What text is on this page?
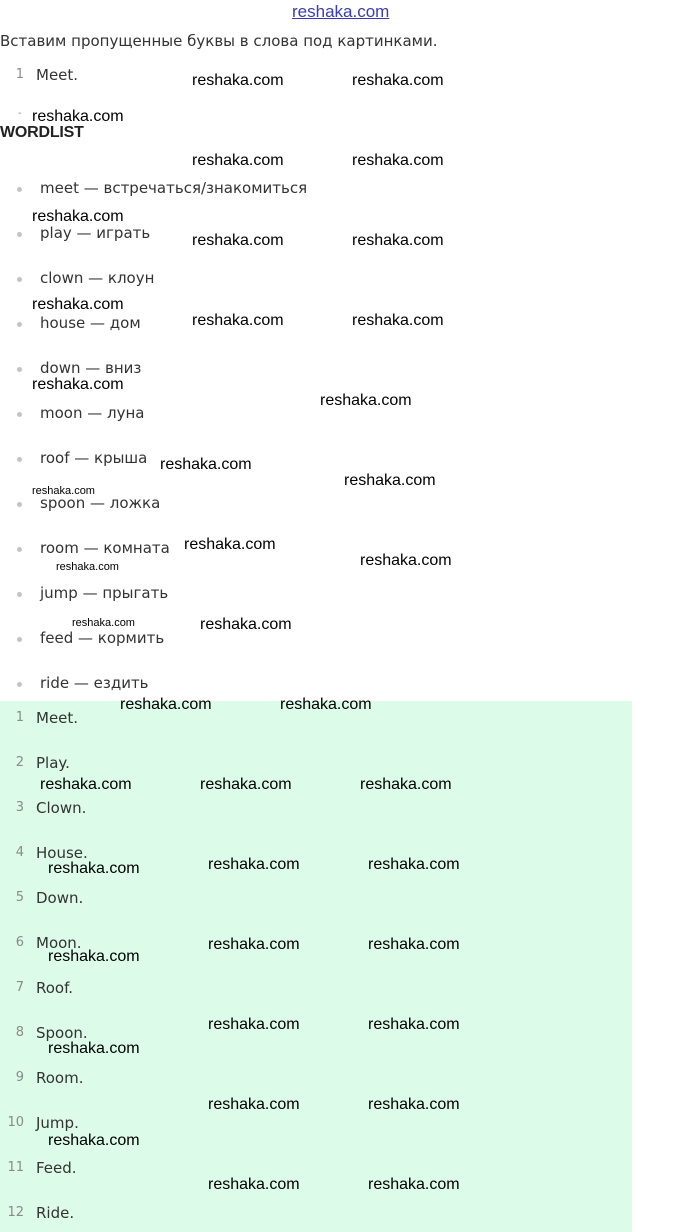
reshaka.com
Вставим пропущенные буквы в слова под картинками.
1 Meet.
-
WORDLIST
meet — встречаться/знакомиться
play — играть
clown — клоун
house — дом
down — вниз
moon — луна
roof — крыша
spoon — ложка
room — комната
jump — прыгать
feed — кормить
ride — ездить
1 Meet.
2 Play.
3 Clown.
4 House.
5 Down.
6 Moon.
7 Roof.
8 Spoon.
9 Room.
10 Jump.
11 Feed.
12 Ride.
reshaka.com	reshaka.com
reshaka.com
reshaka.com	reshaka.com
reshaka.com
reshaka.com	reshaka.com
reshaka.com
reshaka.com	reshaka.com
reshaka.com
reshaka.com
reshaka.com
reshaka.com
reshaka.com
reshaka.com
reshaka.com
reshaka.com
reshaka.com	reshaka.com
reshaka.com	reshaka.com
reshaka.com	reshaka.com	reshaka.com
reshaka.com	reshaka.com	reshaka.com
reshaka.com	reshaka.com
reshaka.com
reshaka.com	reshaka.com
reshaka.com
reshaka.com	reshaka.com
reshaka.com
reshaka.com	reshaka.com
